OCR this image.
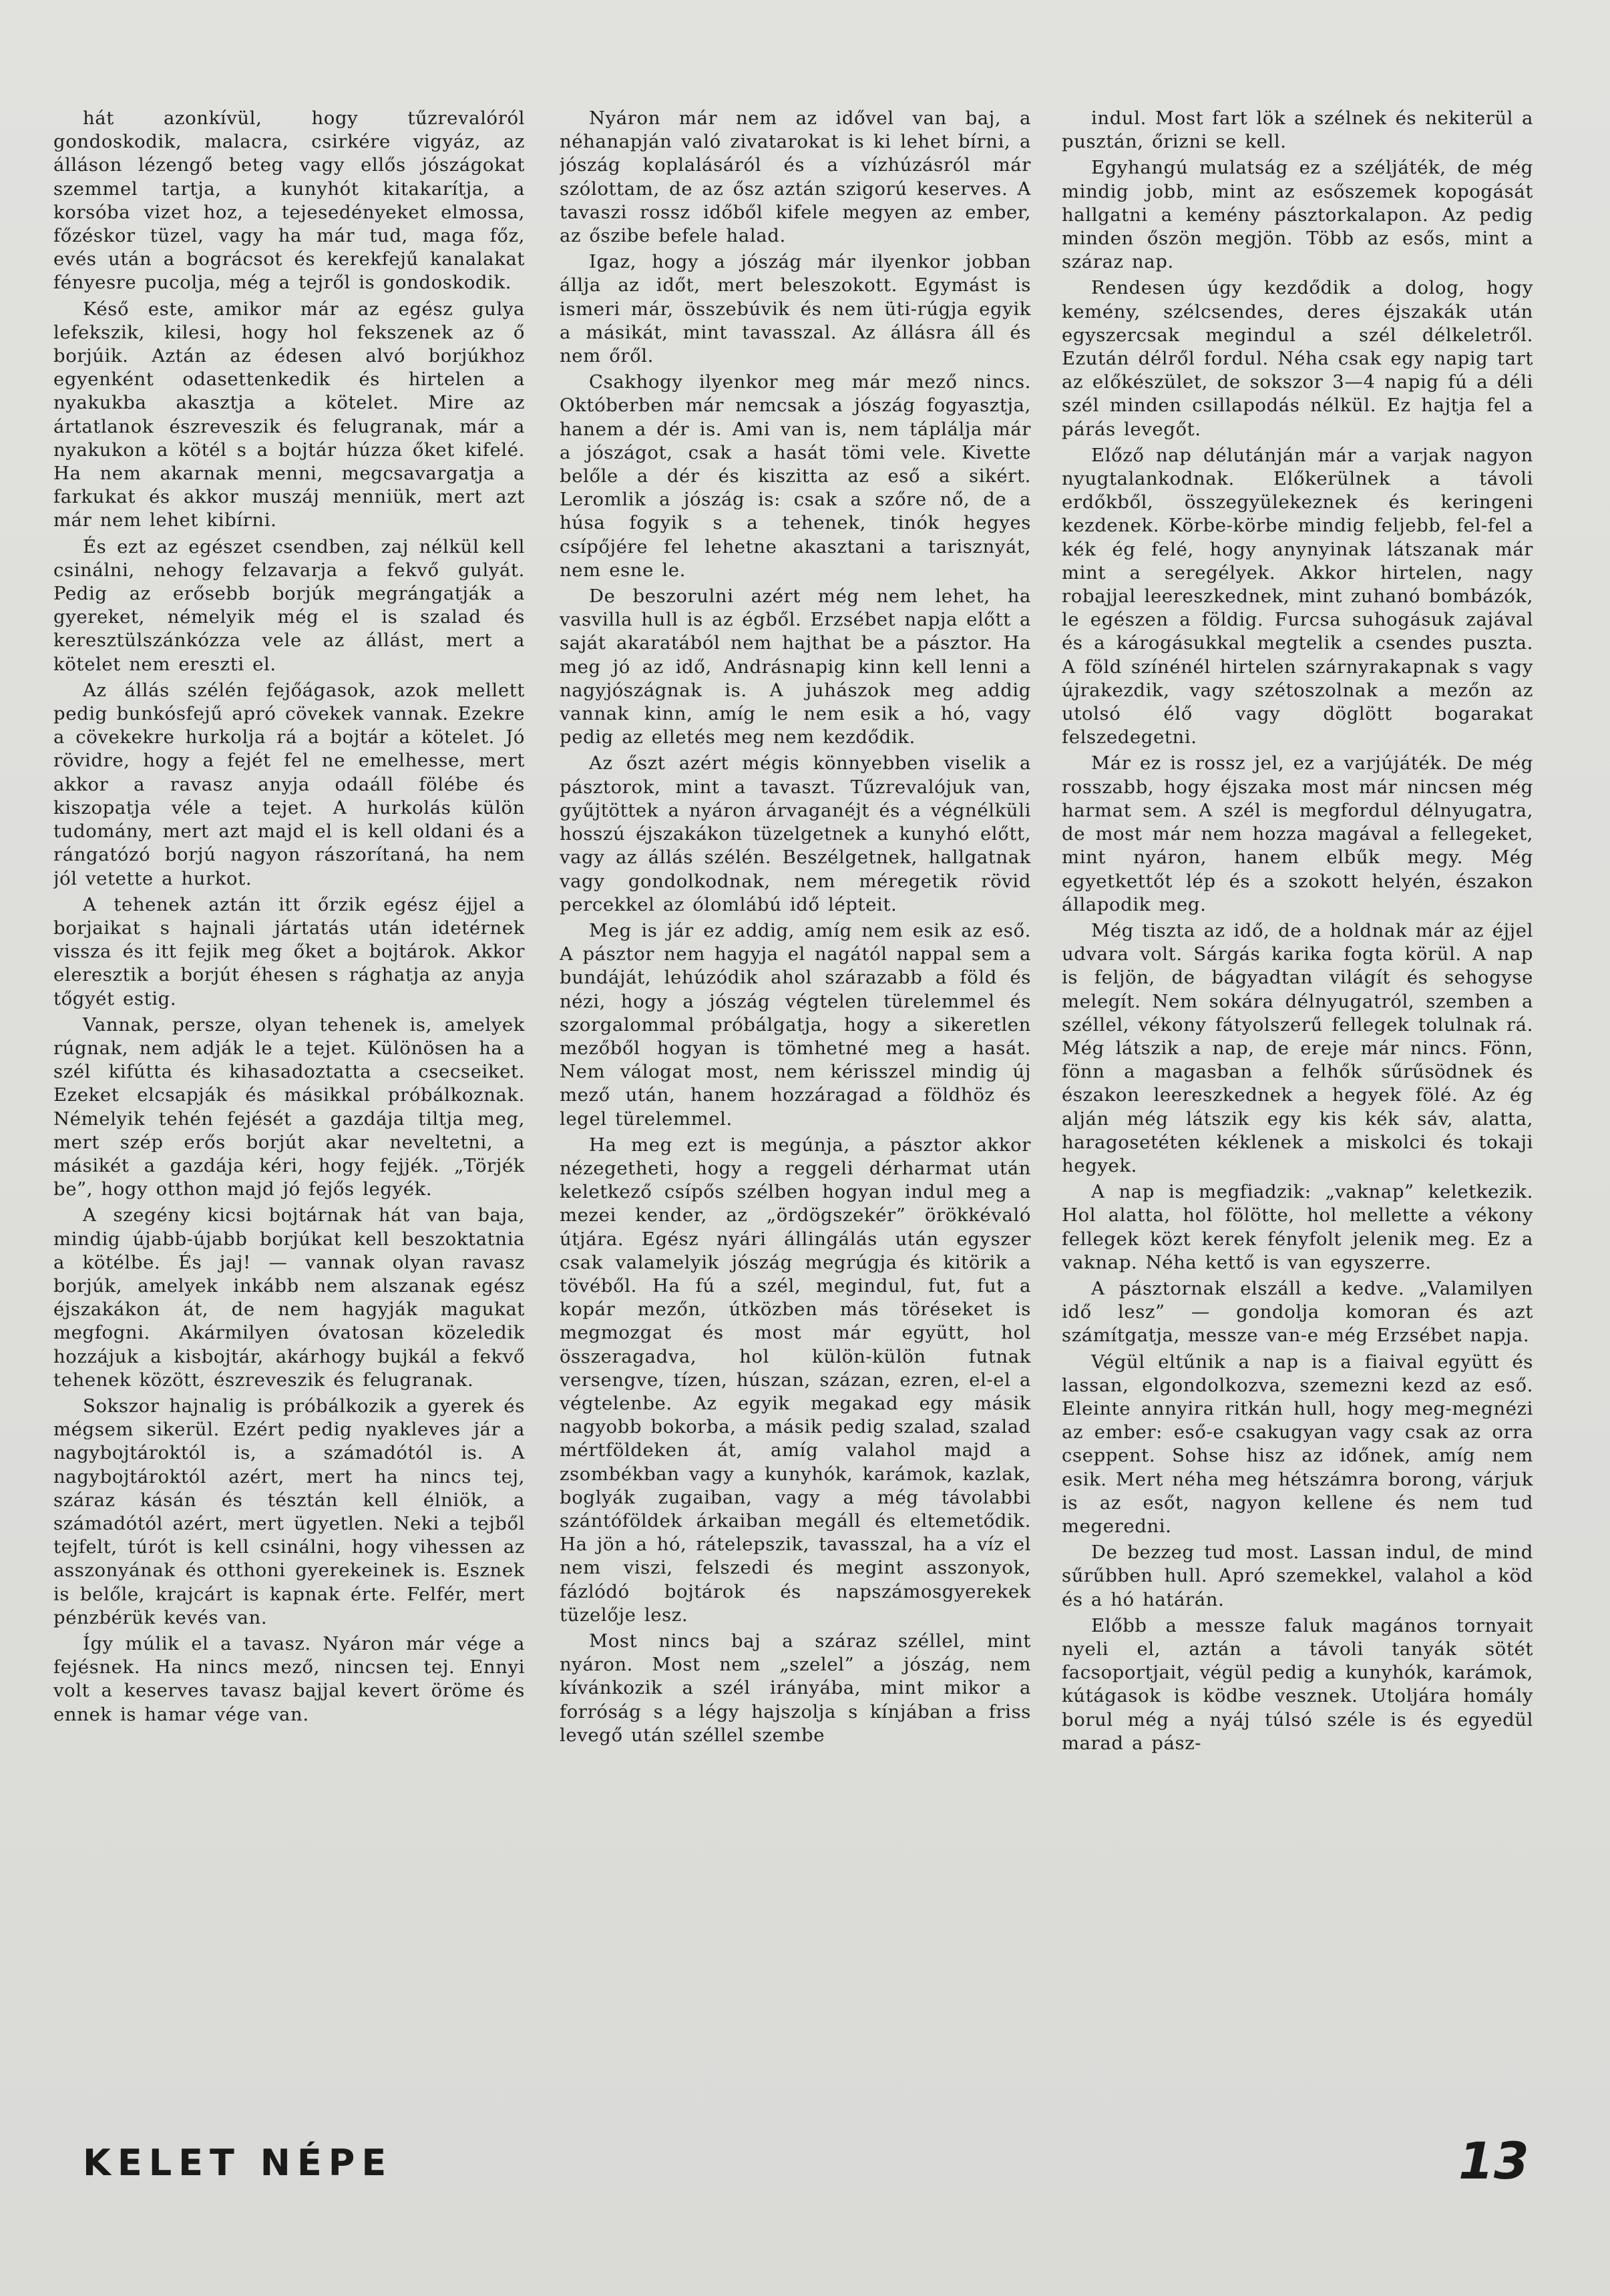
hát azonkívül, hogy tűzrevalóról gondoskodik, malacra, csirkére vigyáz, az álláson lézengő beteg vagy ellős jószágokat szemmel tartja, a kunyhót kitakarítja, a korsóba vizet hoz, a tejesedényeket elmossa, főzéskor tüzel, vagy ha már tud, maga főz, evés után a bográcsot és kerekfejű kanalakat fényesre pucolja, még a tejről is gondoskodik.

Késő este, amikor már az egész gulya lefekszik, kilesi, hogy hol fekszenek az ő borjúik. Aztán az édesen alvó borjúkhoz egyenként odasettenkedik és hirtelen a nyakukba akasztja a kötelet. Mire az ártatlanok észreveszik és felugranak, már a nyakukon a kötél s a bojtár húzza őket kifelé. Ha nem akarnak menni, megcsavargatja a farkukat és akkor muszáj menniük, mert azt már nem lehet kibírni.

És ezt az egészet csendben, zaj nélkül kell csinálni, nehogy felzavarja a fekvő gulyát. Pedig az erősebb borjúk megrángatják a gyereket, némelyik még el is szalad és keresztülszánkózza vele az állást, mert a kötelet nem ereszti el.

Az állás szélén fejőágasok, azok mellett pedig bunkósfejű apró cövekek vannak. Ezekre a cövekekre hurkolja rá a bojtár a kötelet. Jó rövidre, hogy a fejét fel ne emelhesse, mert akkor a ravasz anyja odaáll fölébe és kiszopatja véle a tejet. A hurkolás külön tudomány, mert azt majd el is kell oldani és a rángatózó borjú nagyon rászorítaná, ha nem jól vetette a hurkot.

A tehenek aztán itt őrzik egész éjjel a borjaikat s hajnali jártatás után idetérnek vissza és itt fejik meg őket a bojtárok. Akkor eleresztik a borjút éhesen s rághatja az anyja tőgyét estig.

Vannak, persze, olyan tehenek is, amelyek rúgnak, nem adják le a tejet. Különösen ha a szél kifútta és kihasadoztatta a csecseiket. Ezeket elcsapják és másikkal próbálkoznak. Némelyik tehén fejését a gazdája tiltja meg, mert szép erős borjút akar neveltetni, a másikét a gazdája kéri, hogy fejjék. „Törjék be”, hogy otthon majd jó fejős legyék.

A szegény kicsi bojtárnak hát van baja, mindig újabb-újabb borjúkat kell beszoktatnia a kötélbe. És jaj! — vannak olyan ravasz borjúk, amelyek inkább nem alszanak egész éjszakákon át, de nem hagyják magukat megfogni. Akármilyen óvatosan közeledik hozzájuk a kisbojtár, akárhogy bujkál a fekvő tehenek között, észreveszik és felugranak.

Sokszor hajnalig is próbálkozik a gyerek és mégsem sikerül. Ezért pedig nyakleves jár a nagybojtároktól is, a számadótól is. A nagybojtároktól azért, mert ha nincs tej, száraz kásán és tésztán kell élniök, a számadótól azért, mert ügyetlen. Neki a tejből tejfelt, túrót is kell csinálni, hogy vihessen az asszonyának és otthoni gyerekeinek is. Esznek is belőle, krajcárt is kapnak érte. Felfér, mert pénzbérük kevés van.

Így múlik el a tavasz. Nyáron már vége a fejésnek. Ha nincs mező, nincsen tej. Ennyi volt a keserves tavasz bajjal kevert öröme és ennek is hamar vége van.

Nyáron már nem az idővel van baj, a néhanapján való zivatarokat is ki lehet bírni, a jószág koplalásáról és a vízhúzásról már szólottam, de az ősz aztán szigorú keserves. A tavaszi rossz időből kifele megyen az ember, az őszibe befele halad.

Igaz, hogy a jószág már ilyenkor jobban állja az időt, mert beleszokott. Egymást is ismeri már, összebúvik és nem üti-rúgja egyik a másikát, mint tavasszal. Az állásra áll és nem őről.

Csakhogy ilyenkor meg már mező nincs. Októberben már nemcsak a jószág fogyasztja, hanem a dér is. Ami van is, nem táplálja már a jószágot, csak a hasát tömi vele. Kivette belőle a dér és kiszitta az eső a sikért. Leromlik a jószág is: csak a szőre nő, de a húsa fogyik s a tehenek, tinók hegyes csípőjére fel lehetne akasztani a tarisznyát, nem esne le.

De beszorulni azért még nem lehet, ha vasvilla hull is az égből. Erzsébet napja előtt a saját akaratából nem hajthat be a pásztor. Ha meg jó az idő, Andrásnapig kinn kell lenni a nagyjószágnak is. A juhászok meg addig vannak kinn, amíg le nem esik a hó, vagy pedig az elletés meg nem kezdődik.

Az őszt azért mégis könnyebben viselik a pásztorok, mint a tavaszt. Tűzrevalójuk van, gyűjtöttek a nyáron árvaganéjt és a végnélküli hosszú éjszakákon tüzelgetnek a kunyhó előtt, vagy az állás szélén. Beszélgetnek, hallgatnak vagy gondolkodnak, nem méregetik rövid percekkel az ólomlábú idő lépteit.

Meg is jár ez addig, amíg nem esik az eső. A pásztor nem hagyja el nagától nappal sem a bundáját, lehúzódik ahol szárazabb a föld és nézi, hogy a jószág végtelen türelemmel és szorgalommal próbálgatja, hogy a sikeretlen mezőből hogyan is tömhetné meg a hasát. Nem válogat most, nem kérisszel mindig új mező után, hanem hozzáragad a földhöz és legel türelemmel.

Ha meg ezt is megúnja, a pásztor akkor nézegetheti, hogy a reggeli dérharmat után keletkező csípős szélben hogyan indul meg a mezei kender, az „ördögszekér” örökkévaló útjára. Egész nyári állingálás után egyszer csak valamelyik jószág megrúgja és kitörik a tövéből. Ha fú a szél, megindul, fut, fut a kopár mezőn, útközben más töréseket is megmozgat és most már együtt, hol összeragadva, hol külön-külön futnak versengve, tízen, húszan, százan, ezren, el-el a végtelenbe. Az egyik megakad egy másik nagyobb bokorba, a másik pedig szalad, szalad mértföldeken át, amíg valahol majd a zsombékban vagy a kunyhók, karámok, kazlak, boglyák zugaiban, vagy a még távolabbi szántóföldek árkaiban megáll és eltemetődik. Ha jön a hó, rátelepszik, tavasszal, ha a víz el nem viszi, felszedi és megint asszonyok, fázlódó bojtárok és napszámosgyerekek tüzelője lesz.

Most nincs baj a száraz széllel, mint nyáron. Most nem „szelel” a jószág, nem kívánkozik a szél irányába, mint mikor a forróság s a légy hajszolja s kínjában a friss levegő után széllel szembe

indul. Most fart lök a szélnek és nekiterül a pusztán, őrizni se kell.

Egyhangú mulatság ez a széljáték, de még mindig jobb, mint az esőszemek kopogását hallgatni a kemény pásztorkalapon. Az pedig minden őszön megjön. Több az esős, mint a száraz nap.

Rendesen úgy kezdődik a dolog, hogy kemény, szélcsendes, deres éjszakák után egyszercsak megindul a szél délkeletről. Ezután délről fordul. Néha csak egy napig tart az előkészület, de sokszor 3—4 napig fú a déli szél minden csillapodás nélkül. Ez hajtja fel a párás levegőt.

Előző nap délutánján már a varjak nagyon nyugtalankodnak. Előkerülnek a távoli erdőkből, összegyülekeznek és keringeni kezdenek. Körbe-körbe mindig feljebb, fel-fel a kék ég felé, hogy anynyinak látszanak már mint a seregélyek. Akkor hirtelen, nagy robajjal leereszkednek, mint zuhanó bombázók, le egészen a földig. Furcsa suhogásuk zajával és a károgásukkal megtelik a csendes puszta. A föld színénél hirtelen szárnyrakapnak s vagy újrakezdik, vagy szétoszolnak a mezőn az utolsó élő vagy döglött bogarakat felszedegetni.

Már ez is rossz jel, ez a varjújáték. De még rosszabb, hogy éjszaka most már nincsen még harmat sem. A szél is megfordul délnyugatra, de most már nem hozza magával a fellegeket, mint nyáron, hanem elbűk megy. Még egyetkettőt lép és a szokott helyén, északon állapodik meg.

Még tiszta az idő, de a holdnak már az éjjel udvara volt. Sárgás karika fogta körül. A nap is feljön, de bágyadtan világít és sehogyse melegít. Nem sokára délnyugatról, szemben a széllel, vékony fátyolszerű fellegek tolulnak rá. Még látszik a nap, de ereje már nincs. Fönn, fönn a magasban a felhők sűrűsödnek és északon leereszkednek a hegyek fölé. Az ég alján még látszik egy kis kék sáv, alatta, haragosetéten kéklenek a miskolci és tokaji hegyek.

A nap is megfiadzik: „vaknap” keletkezik. Hol alatta, hol fölötte, hol mellette a vékony fellegek közt kerek fényfolt jelenik meg. Ez a vaknap. Néha kettő is van egyszerre.

A pásztornak elszáll a kedve. „Valamilyen idő lesz” — gondolja komoran és azt számítgatja, messze van-e még Erzsébet napja.

Végül eltűnik a nap is a fiaival együtt és lassan, elgondolkozva, szemezni kezd az eső. Eleinte annyira ritkán hull, hogy meg-megnézi az ember: eső-e csakugyan vagy csak az orra cseppent. Sohse hisz az időnek, amíg nem esik. Mert néha meg hétszámra borong, várjuk is az esőt, nagyon kellene és nem tud megeredni.

De bezzeg tud most. Lassan indul, de mind sűrűbben hull. Apró szemekkel, valahol a köd és a hó határán.

Előbb a messze faluk magános tornyait nyeli el, aztán a távoli tanyák sötét facsoportjait, végül pedig a kunyhók, karámok, kútágasok is ködbe vesznek. Utoljára homály borul még a nyáj túlsó széle is és egyedül marad a pász-

KELET NÉPE	13
